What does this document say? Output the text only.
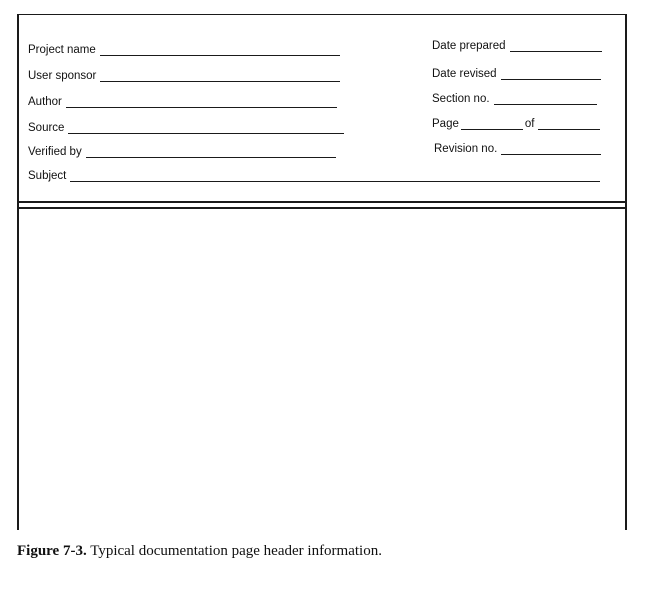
Project name
User sponsor
Author
Source
Verified by
Subject
Date prepared
Date revised
Section no.
Page	of
Revision no.
Figure 7-3. Typical documentation page header information.
